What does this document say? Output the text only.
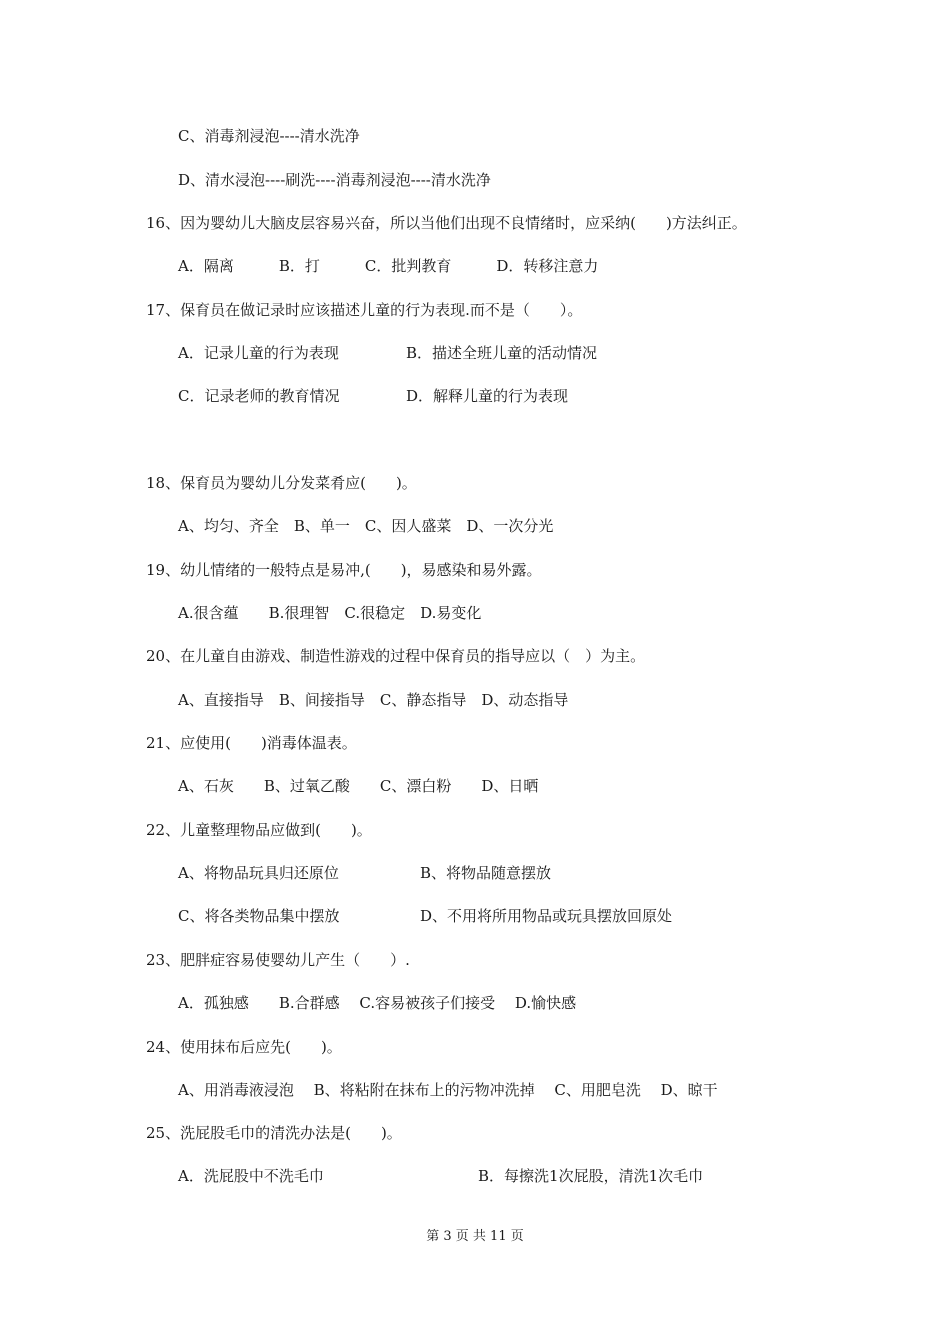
C、消毒剂浸泡----清水洗净
D、清水浸泡----刷洗----消毒剂浸泡----清水洗净
16、因为婴幼儿大脑皮层容易兴奋，所以当他们出现不良情绪时，应采纳(　　)方法纠正。
A．隔离　　　B．打　　　C．批判教育　　　D．转移注意力
17、保育员在做记录时应该描述儿童的行为表现.而不是（　　）。
A．记录儿童的行为表现	B．描述全班儿童的活动情况
C．记录老师的教育情况	D．解释儿童的行为表现
18、保育员为婴幼儿分发菜肴应(　　)。
A、均匀、齐全　B、单一　C、因人盛菜　D、一次分光
19、幼儿情绪的一般特点是易冲,(　　)，易感染和易外露。
A.很含蕴　　B.很理智　C.很稳定　D.易变化
20、在儿童自由游戏、制造性游戏的过程中保育员的指导应以（　）为主。
A、直接指导　B、间接指导　C、静态指导　D、动态指导
21、应使用(　　)消毒体温表。
A、石灰　　B、过氧乙酸　　C、漂白粉　　D、日晒
22、儿童整理物品应做到(　　)。
A、将物品玩具归还原位	B、将物品随意摆放
C、将各类物品集中摆放	D、不用将所用物品或玩具摆放回原处
23、肥胖症容易使婴幼儿产生（　　）.
A．孤独感　　B.合群感　 C.容易被孩子们接受　 D.愉快感
24、使用抹布后应先(　　)。
A、用消毒液浸泡　 B、将粘附在抹布上的污物冲洗掉　 C、用肥皂洗　 D、晾干
25、洗屁股毛巾的清洗办法是(　　)。
A．洗屁股中不洗毛巾	B．每擦洗1次屁股，清洗1次毛巾
第 3 页 共 11 页
